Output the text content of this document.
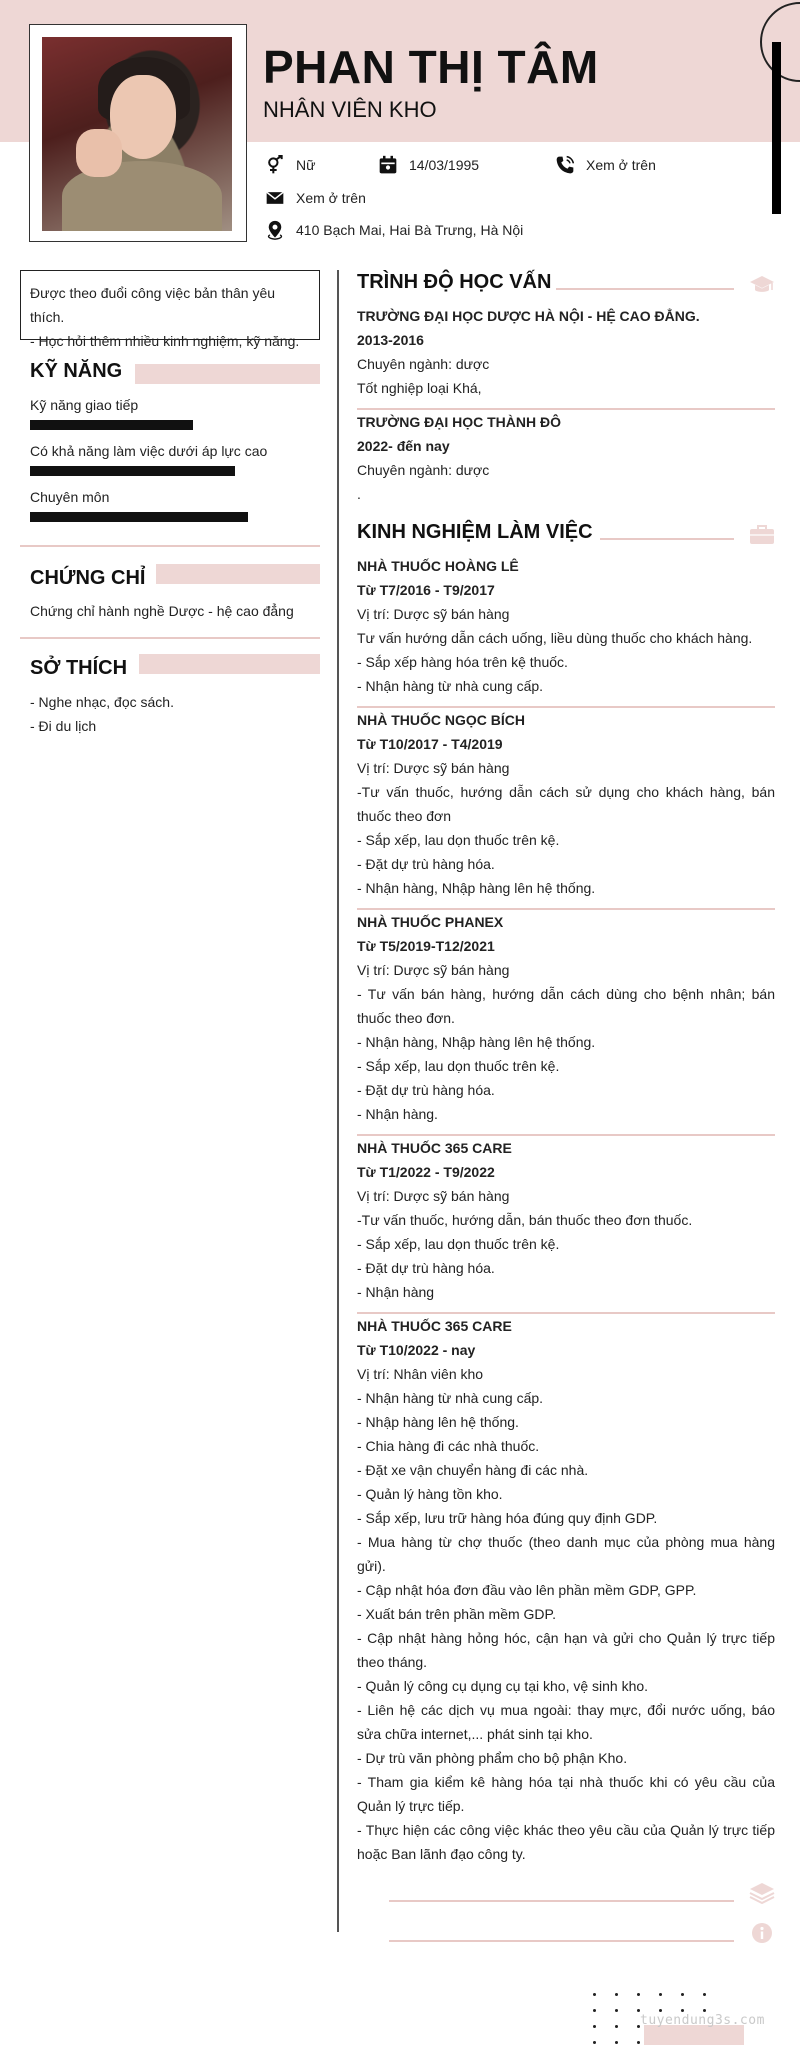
PHAN THỊ TÂM
NHÂN VIÊN KHO
Nữ	14/03/1995	Xem ở trên
Xem ở trên
410 Bạch Mai, Hai Bà Trưng, Hà Nội
Được theo đuổi công việc bản thân yêu thích.
- Học hỏi thêm nhiều kinh nghiệm, kỹ năng.
KỸ NĂNG
Kỹ năng giao tiếp
Có khả năng làm việc dưới áp lực cao
Chuyên môn
CHỨNG CHỈ
Chứng chỉ hành nghề Dược - hệ cao đẳng
SỞ THÍCH
- Nghe nhạc, đọc sách.
- Đi du lịch
TRÌNH ĐỘ HỌC VẤN
TRƯỜNG ĐẠI HỌC DƯỢC HÀ NỘI - HỆ CAO ĐẲNG.
2013-2016
Chuyên ngành: dược
Tốt nghiệp loại Khá,
TRƯỜNG ĐẠI HỌC THÀNH ĐÔ
2022- đến nay
Chuyên ngành: dược
.
KINH NGHIỆM LÀM VIỆC
NHÀ THUỐC HOÀNG LÊ
Từ T7/2016 - T9/2017
Vị trí: Dược sỹ bán hàng
Tư vấn hướng dẫn cách uống, liều dùng thuốc cho khách hàng.
- Sắp xếp hàng hóa trên kệ thuốc.
- Nhận hàng từ nhà cung cấp.
NHÀ THUỐC NGỌC BÍCH
Từ T10/2017 - T4/2019
Vị trí: Dược sỹ bán hàng
-Tư vấn thuốc, hướng dẫn cách sử dụng cho khách hàng, bán thuốc theo đơn
- Sắp xếp, lau dọn thuốc trên kệ.
- Đặt dự trù hàng hóa.
- Nhận hàng, Nhập hàng lên hệ thống.
NHÀ THUỐC PHANEX
Từ T5/2019-T12/2021
Vị trí: Dược sỹ bán hàng
- Tư vấn bán hàng, hướng dẫn cách dùng cho bệnh nhân; bán thuốc theo đơn.
- Nhận hàng, Nhập hàng lên hệ thống.
- Sắp xếp, lau dọn thuốc trên kệ.
- Đặt dự trù hàng hóa.
- Nhận hàng.
NHÀ THUỐC 365 CARE
Từ T1/2022 - T9/2022
Vị trí: Dược sỹ bán hàng
-Tư vấn thuốc, hướng dẫn, bán thuốc theo đơn thuốc.
- Sắp xếp, lau dọn thuốc trên kệ.
- Đặt dự trù hàng hóa.
- Nhận hàng
NHÀ THUỐC 365 CARE
Từ T10/2022 - nay
Vị trí: Nhân viên kho
- Nhận hàng từ nhà cung cấp.
- Nhập hàng lên hệ thống.
- Chia hàng đi các nhà thuốc.
- Đặt xe vận chuyển hàng đi các nhà.
- Quản lý hàng tồn kho.
- Sắp xếp, lưu trữ hàng hóa đúng quy định GDP.
- Mua hàng từ chợ thuốc (theo danh mục của phòng mua hàng gửi).
- Cập nhật hóa đơn đầu vào lên phần mềm GDP, GPP.
- Xuất bán trên phần mềm GDP.
- Cập nhật hàng hỏng hóc, cận hạn và gửi cho Quản lý trực tiếp theo tháng.
- Quản lý công cụ dụng cụ tại kho, vệ sinh kho.
- Liên hệ các dịch vụ mua ngoài: thay mực, đổi nước uống, báo sửa chữa internet,... phát sinh tại kho.
- Dự trù văn phòng phẩm cho bộ phận Kho.
- Tham gia kiểm kê hàng hóa tại nhà thuốc khi có yêu cầu của Quản lý trực tiếp.
- Thực hiện các công việc khác theo yêu cầu của Quản lý trực tiếp hoặc Ban lãnh đạo công ty.
tuyendung3s.com
